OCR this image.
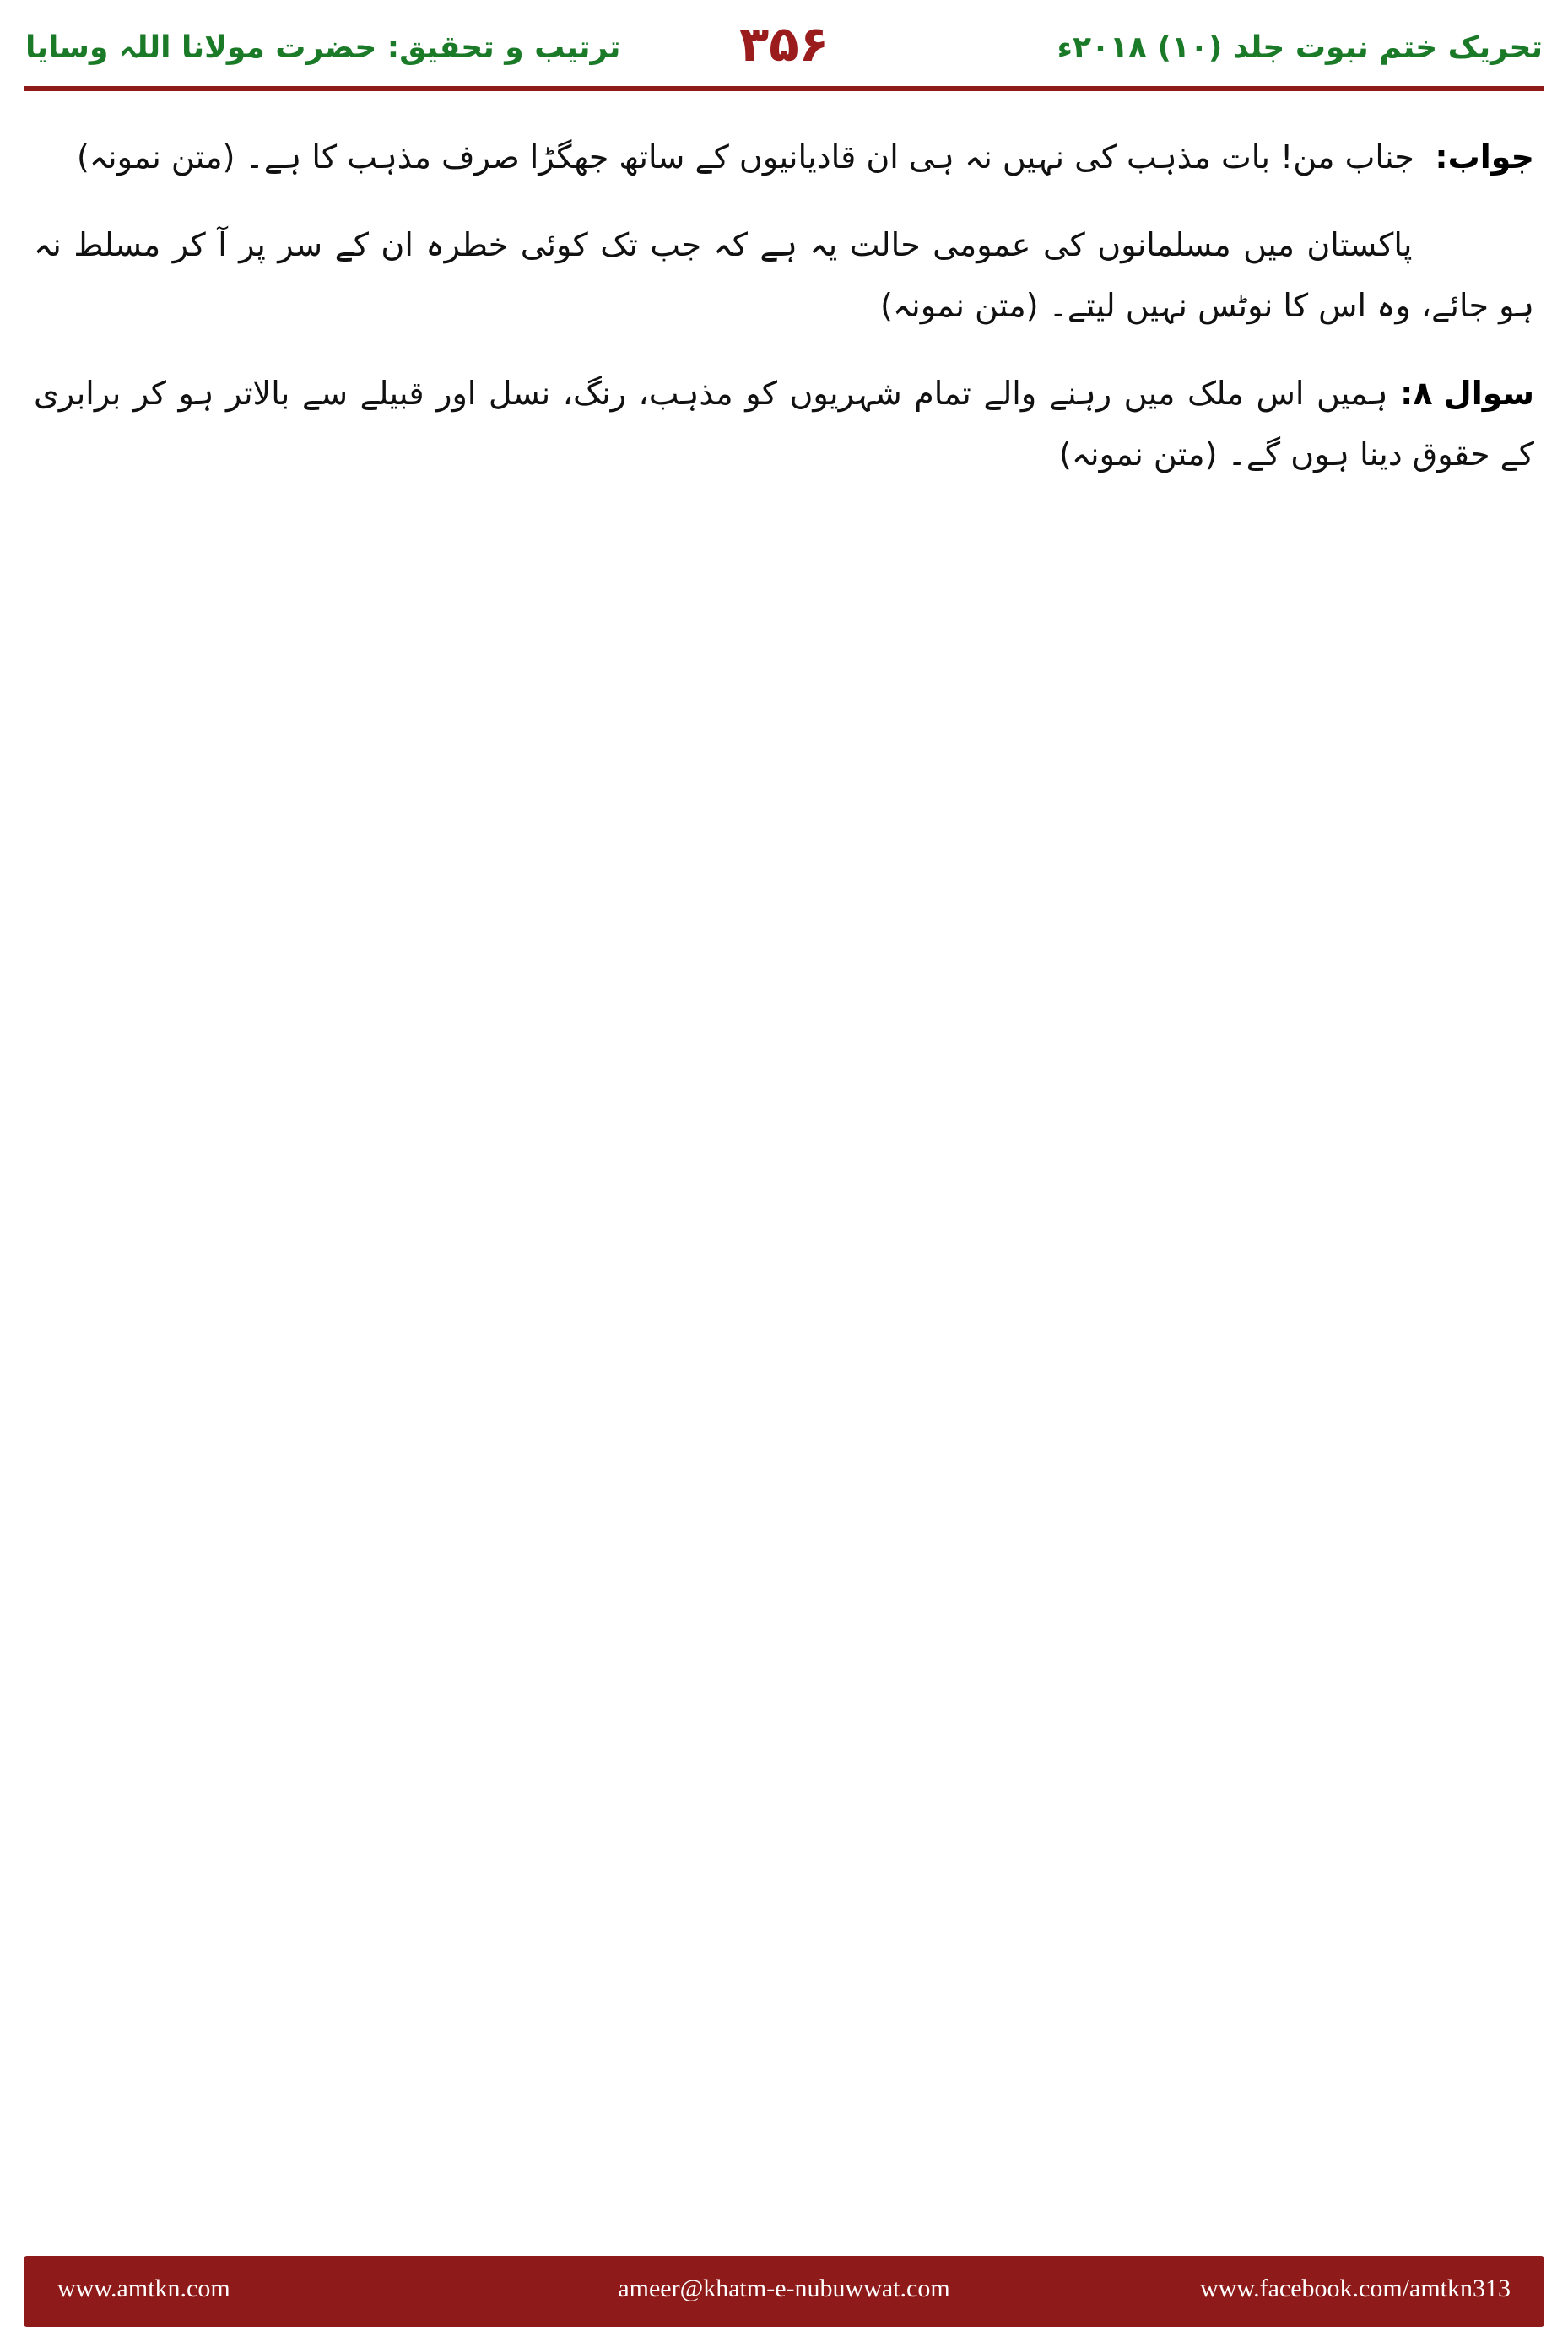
ترتیب و تحقیق: حضرت مولانا اللہ وسایا ۳۵۶	تحریک ختم نبوت جلد (۱۰) ۲۰۱۸ء

جواب: جناب من! بات مذہب کی نہیں نہ ہی ان قادیانیوں کے ساتھ جھگڑا صرف مذہب کا ہے۔ (متن نمونہ)

پاکستان میں مسلمانوں کی عمومی حالت یہ ہے کہ جب تک کوئی خطرہ ان کے سر پر آ کر مسلط نہ ہو جائے، وہ اس کا نوٹس نہیں لیتے۔ (متن نمونہ)

سوال ۸: ہمیں اس ملک میں رہنے والے تمام شہریوں کو مذہب، رنگ، نسل اور قبیلے سے بالاتر ہو کر برابری کے حقوق دینا ہوں گے۔ (متن نمونہ)

www.amtkn.com	ameer@khatm-e-nubuwwat.com	www.facebook.com/amtkn313
